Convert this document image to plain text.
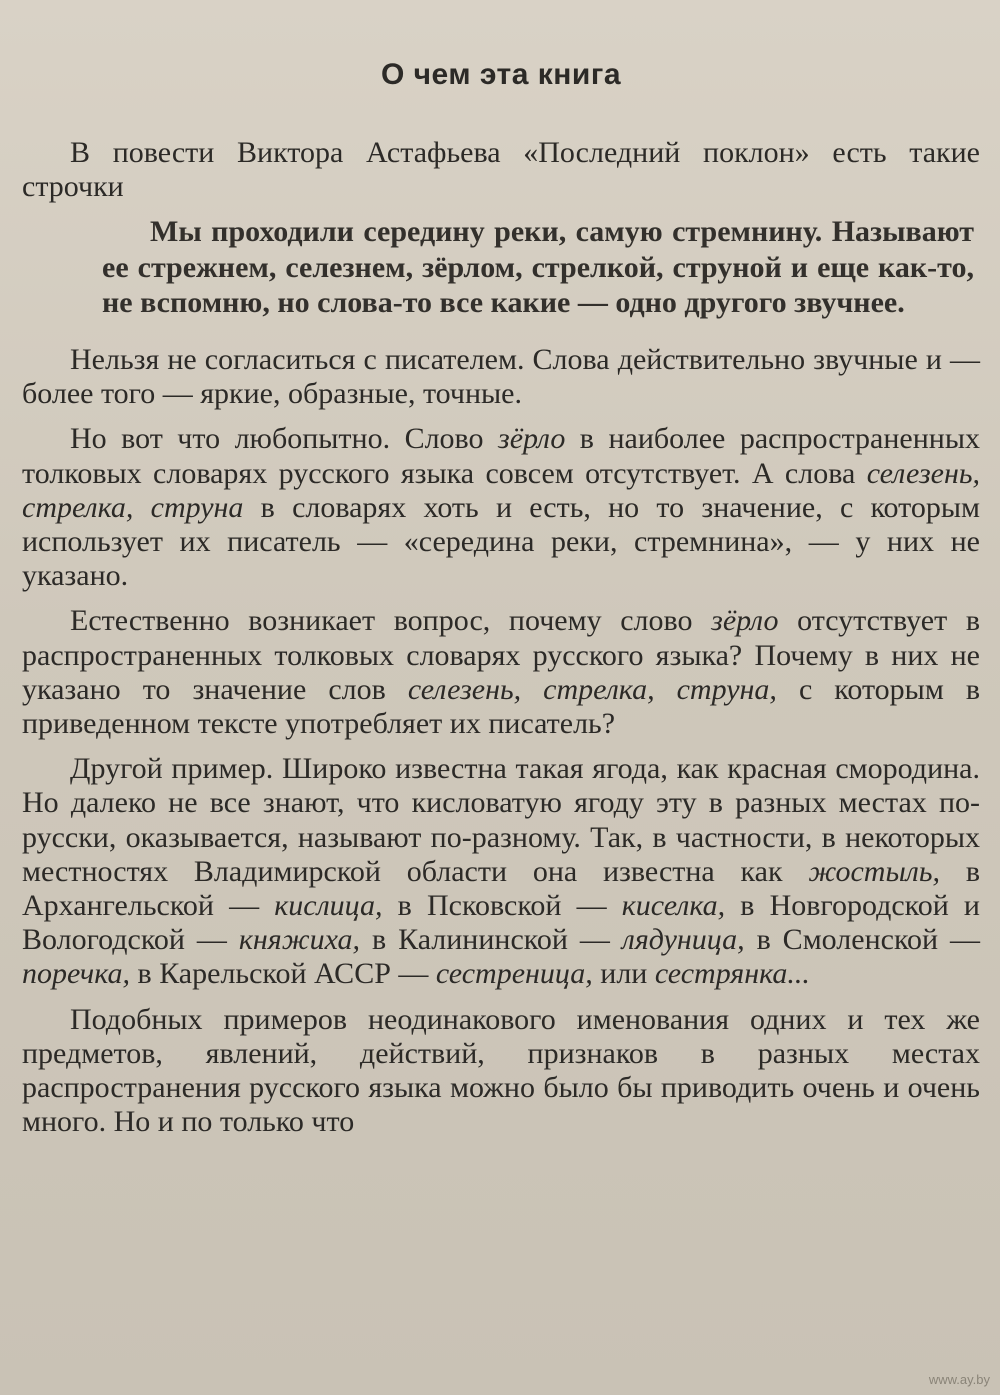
О чем эта книга

В повести Виктора Астафьева «Последний поклон» есть такие строчки

Мы проходили середину реки, самую стремнину. Называют ее стрежнем, селезнем, зёрлом, стрелкой, струной и еще как-то, не вспомню, но слова-то все какие — одно другого звучнее.

Нельзя не согласиться с писателем. Слова действительно звучные и — более того — яркие, образные, точные.

Но вот что любопытно. Слово зёрло в наиболее распространенных толковых словарях русского языка совсем отсутствует. А слова селезень, стрелка, струна в словарях хоть и есть, но то значение, с которым использует их писатель — «середина реки, стремнина», — у них не указано.

Естественно возникает вопрос, почему слово зёрло отсутствует в распространенных толковых словарях русского языка? Почему в них не указано то значение слов селезень, стрелка, струна, с которым в приведенном тексте употребляет их писатель?

Другой пример. Широко известна такая ягода, как красная смородина. Но далеко не все знают, что кисловатую ягоду эту в разных местах по-русски, оказывается, называют по-разному. Так, в частности, в некоторых местностях Владимирской области она известна как жостыль, в Архангельской — кислица, в Псковской — киселка, в Новгородской и Вологодской — княжиха, в Калининской — лядуница, в Смоленской — поречка, в Карельской АССР — сестреница, или сестрянка...

Подобных примеров неодинакового именования одних и тех же предметов, явлений, действий, признаков в разных местах распространения русского языка можно было бы приводить очень и очень много. Но и по только что

www.ay.by
